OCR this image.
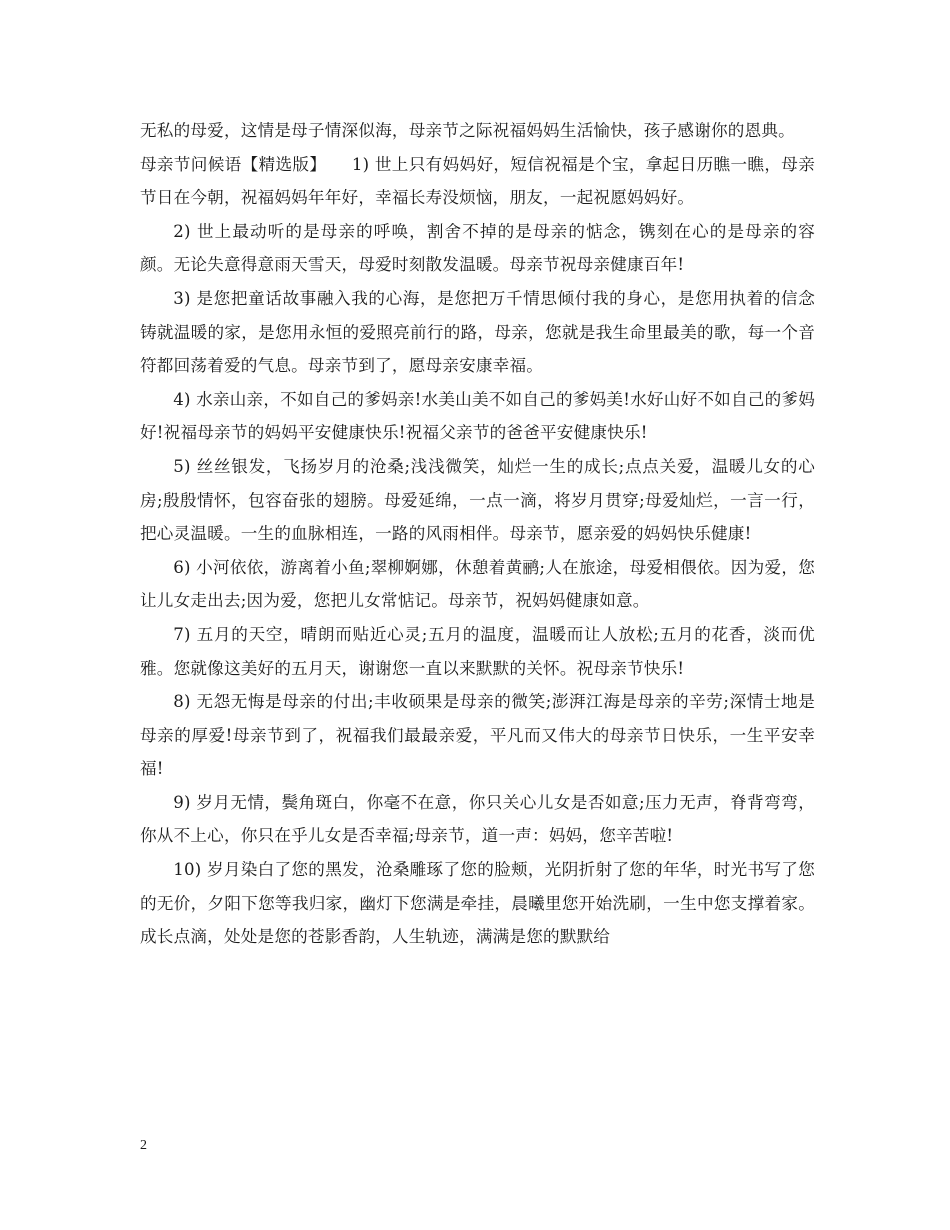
无私的母爱，这情是母子情深似海，母亲节之际祝福妈妈生活愉快，孩子感谢你的恩典。

母亲节问候语【精选版】　　1) 世上只有妈妈好，短信祝福是个宝，拿起日历瞧一瞧，母亲节日在今朝，祝福妈妈年年好，幸福长寿没烦恼，朋友，一起祝愿妈妈好。

2) 世上最动听的是母亲的呼唤，割舍不掉的是母亲的惦念，镌刻在心的是母亲的容颜。无论失意得意雨天雪天，母爱时刻散发温暖。母亲节祝母亲健康百年!

3) 是您把童话故事融入我的心海，是您把万千情思倾付我的身心，是您用执着的信念铸就温暖的家，是您用永恒的爱照亮前行的路，母亲，您就是我生命里最美的歌，每一个音符都回荡着爱的气息。母亲节到了，愿母亲安康幸福。

4) 水亲山亲，不如自己的爹妈亲!水美山美不如自己的爹妈美!水好山好不如自己的爹妈好!祝福母亲节的妈妈平安健康快乐!祝福父亲节的爸爸平安健康快乐!

5) 丝丝银发，飞扬岁月的沧桑;浅浅微笑，灿烂一生的成长;点点关爱，温暖儿女的心房;殷殷情怀，包容奋张的翅膀。母爱延绵，一点一滴，将岁月贯穿;母爱灿烂，一言一行，把心灵温暖。一生的血脉相连，一路的风雨相伴。母亲节，愿亲爱的妈妈快乐健康!

6) 小河依依，游离着小鱼;翠柳婀娜，休憩着黄鹂;人在旅途，母爱相偎依。因为爱，您让儿女走出去;因为爱，您把儿女常惦记。母亲节，祝妈妈健康如意。

7) 五月的天空，晴朗而贴近心灵;五月的温度，温暖而让人放松;五月的花香，淡而优雅。您就像这美好的五月天，谢谢您一直以来默默的关怀。祝母亲节快乐!

8) 无怨无悔是母亲的付出;丰收硕果是母亲的微笑;澎湃江海是母亲的辛劳;深情士地是母亲的厚爱!母亲节到了，祝福我们最最亲爱，平凡而又伟大的母亲节日快乐，一生平安幸福!

9) 岁月无情，鬓角斑白，你毫不在意，你只关心儿女是否如意;压力无声，脊背弯弯，你从不上心，你只在乎儿女是否幸福;母亲节，道一声：妈妈，您辛苦啦!

10) 岁月染白了您的黑发，沧桑雕琢了您的脸颊，光阴折射了您的年华，时光书写了您的无价，夕阳下您等我归家，幽灯下您满是牵挂，晨曦里您开始洗刷，一生中您支撑着家。成长点滴，处处是您的苍影香韵，人生轨迹，满满是您的默默给

2
